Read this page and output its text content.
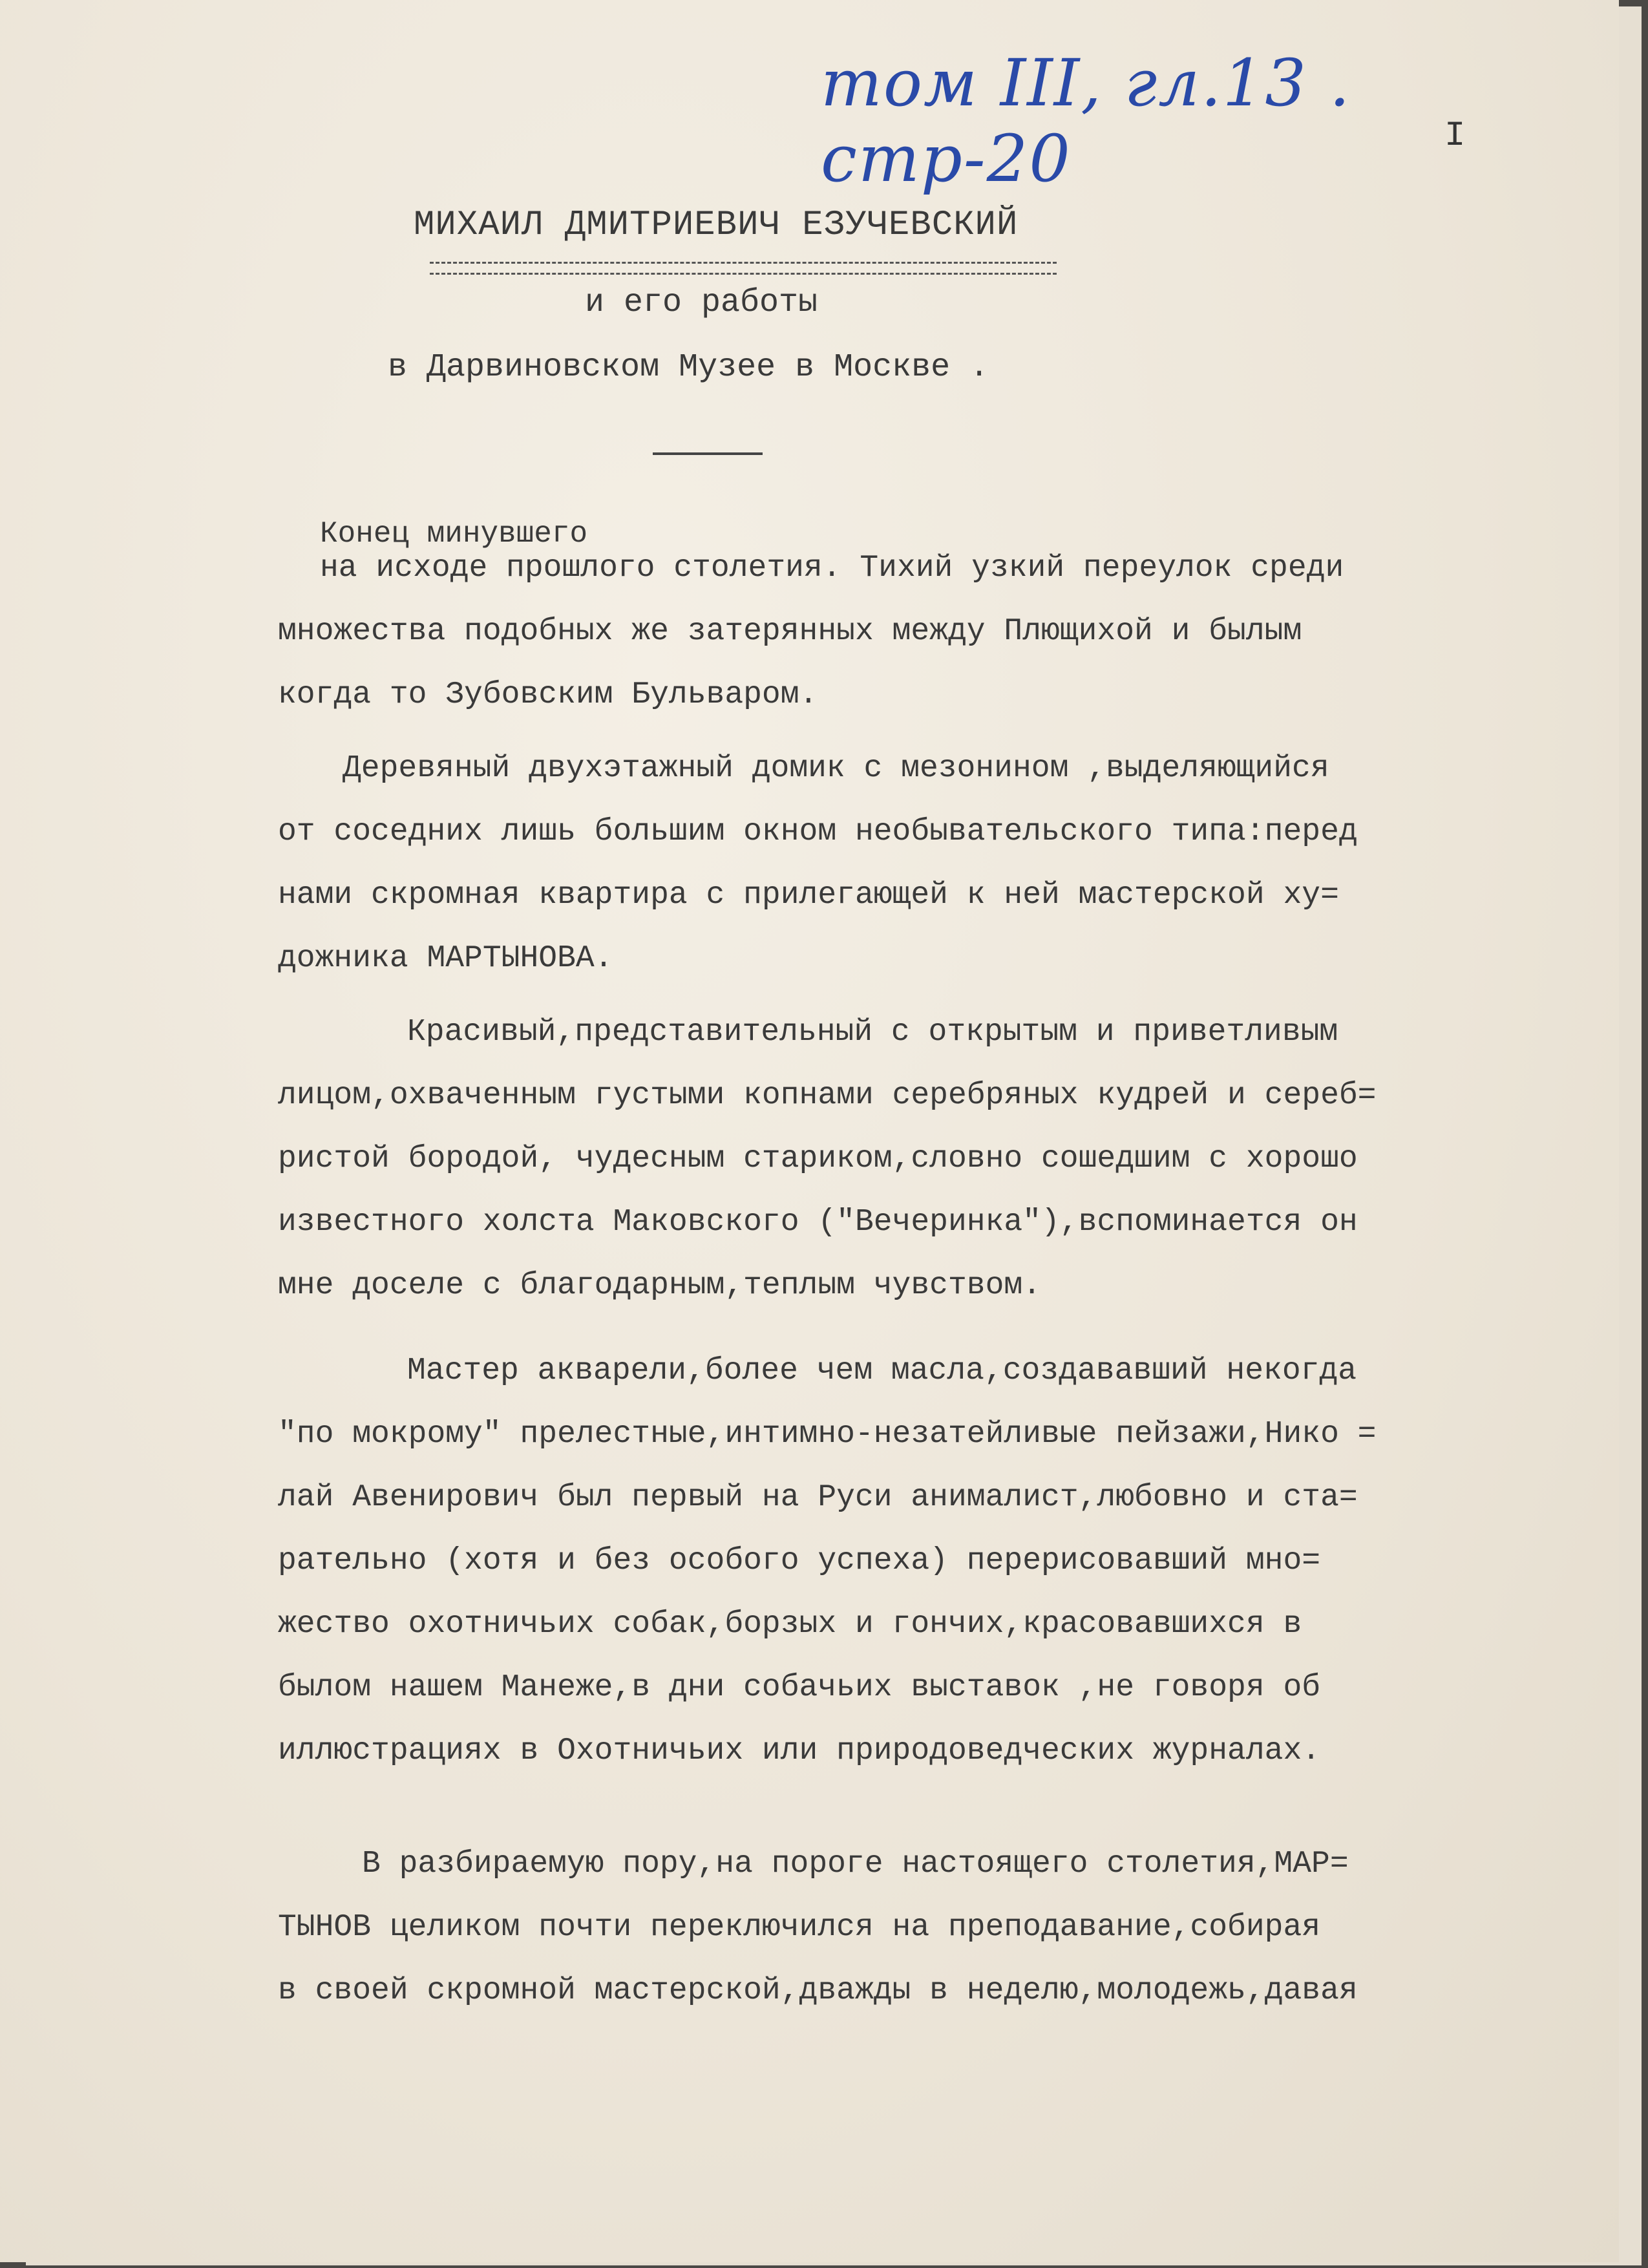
том III, гл.13 . стр-20	I
МИХАИЛ ДМИТРИЕВИЧ ЕЗУЧЕВСКИЙ
и его работы
в Дарвиновском Музее в Москве .
Конец минувшего
на исходе прошлого столетия. Тихий узкий переулок среди
множества подобных же затерянных между Плющихой и былым
когда то Зубовским Бульваром.
Деревяный двухэтажный домик с мезонином ,выделяющийся
от соседних лишь большим окном необывательского типа:перед
нами скромная квартира с прилегающей к ней мастерской ху=
дожника МАРТЫНОВА.
Красивый,представительный с открытым и приветливым
лицом,охваченным густыми копнами серебряных кудрей и сереб=
ристой бородой, чудесным стариком,словно сошедшим с хорошо
известного холста Маковского ("Вечеринка"),вспоминается он
мне доселе с благодарным,теплым чувством.
Мастер акварели,более чем масла,создававший некогда
"по мокрому" прелестные,интимно-незатейливые пейзажи,Нико =
лай Авенирович был первый на Руси анималист,любовно и ста=
рательно (хотя и без особого успеха) перерисовавший мно=
жество охотничьих собак,борзых и гончих,красовавшихся в
былом нашем Манеже,в дни собачьих выставок ,не говоря об
иллюстрациях в Охотничьих или природоведческих журналах.
В разбираемую пору,на пороге настоящего столетия,МАР=
ТЫНОВ целиком почти переключился на преподавание,собирая
в своей скромной мастерской,дважды в неделю,молодежь,давая
